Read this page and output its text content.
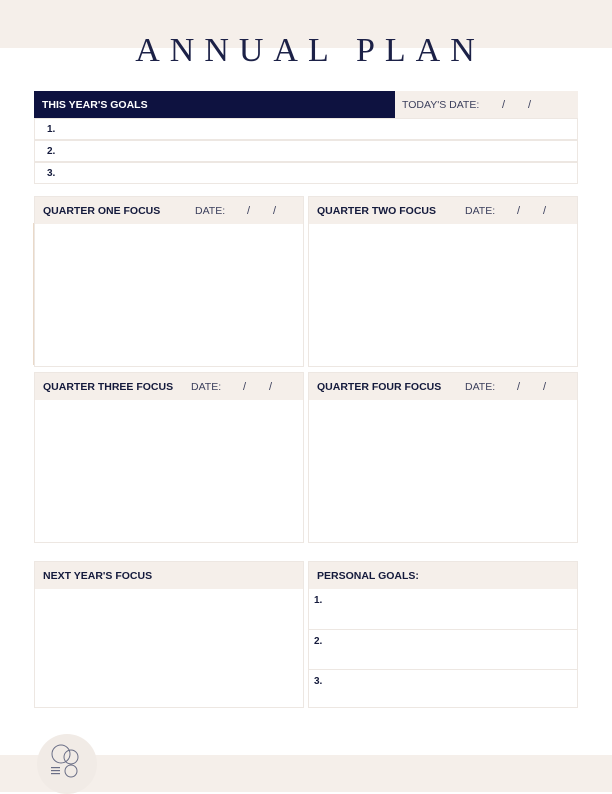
ANNUAL PLAN
THIS YEAR'S GOALS	TODAY'S DATE: / /
1.
2.
3.
QUARTER ONE FOCUS	DATE: / /	QUARTER TWO FOCUS	DATE: / /
QUARTER THREE FOCUS DATE: / /	QUARTER FOUR FOCUS DATE: / /
NEXT YEAR'S FOCUS	PERSONAL GOALS:
1.
2.
3.
